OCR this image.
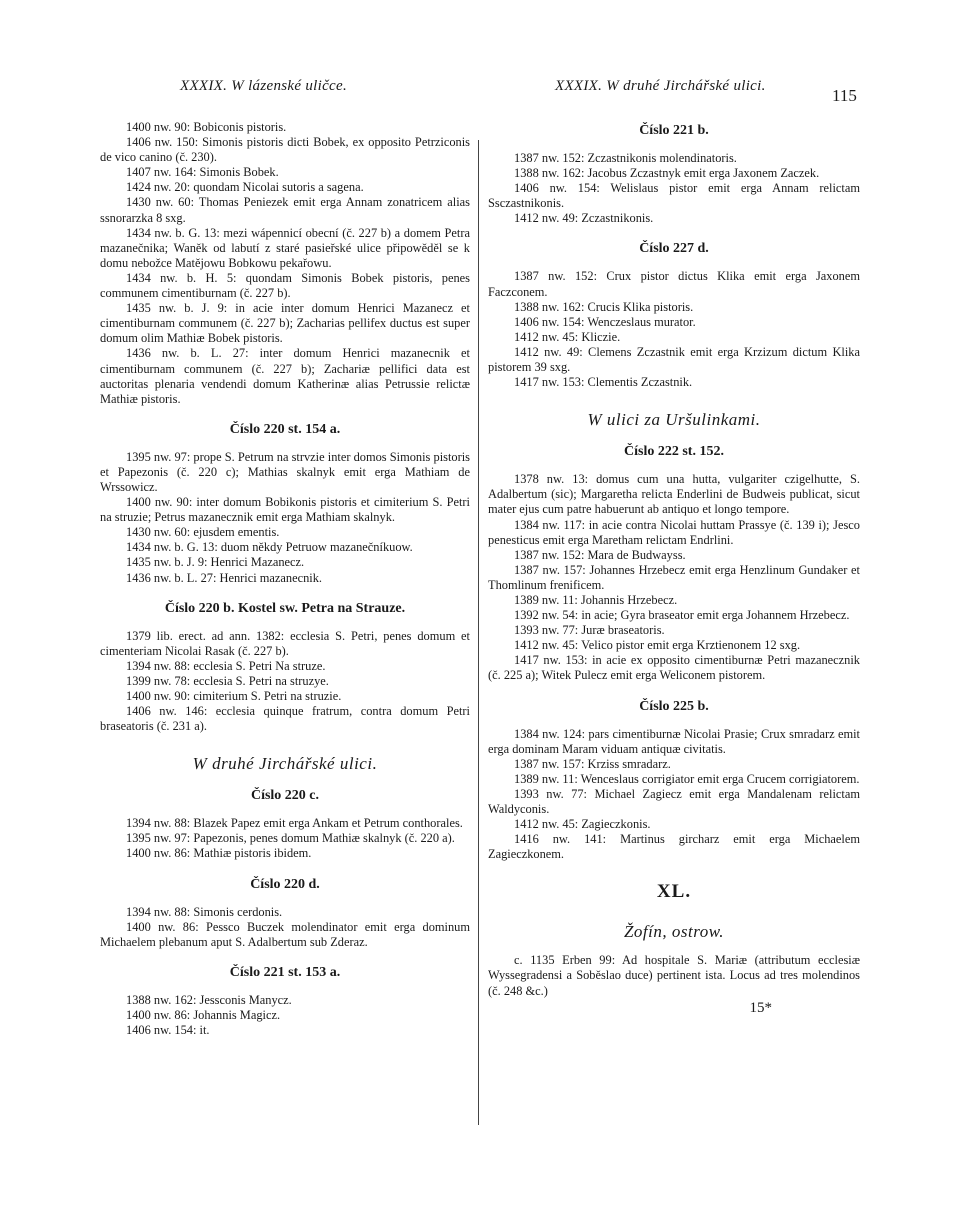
XXXIX. W lázenské uličce.	XXXIX. W druhé Jirchářské ulici.	115

1400 nw. 90: Bobiconis pistoris.

1406 nw. 150: Simonis pistoris dicti Bobek, ex opposito Petrziconis de vico canino (č. 230).

1407 nw. 164: Simonis Bobek.

1424 nw. 20: quondam Nicolai sutoris a sagena.

1430 nw. 60: Thomas Peniezek emit erga Annam zonatricem alias ssnorarzka 8 sxg.

1434 nw. b. G. 13: mezi wápennicí obecní (č. 227 b) a domem Petra mazanečnika; Waněk od labutí z staré pasieřské ulice připowěděl se k domu nebožce Matějowu Bobkowu pekařowu.

1434 nw. b. H. 5: quondam Simonis Bobek pistoris, penes communem cimentiburnam (č. 227 b).

1435 nw. b. J. 9: in acie inter domum Henrici Mazanecz et cimentiburnam communem (č. 227 b); Zacharias pellifex ductus est super domum olim Mathiæ Bobek pistoris.

1436 nw. b. L. 27: inter domum Henrici mazanecnik et cimentiburnam communem (č. 227 b); Zachariæ pellifici data est auctoritas plenaria vendendi domum Katherinæ alias Petrussie relictæ Mathiæ pistoris.

Číslo 220 st. 154 a.

1395 nw. 97: prope S. Petrum na strvzie inter domos Simonis pistoris et Papezonis (č. 220 c); Mathias skalnyk emit erga Mathiam de Wrssowicz.

1400 nw. 90: inter domum Bobikonis pistoris et cimiterium S. Petri na struzie; Petrus mazanecznik emit erga Mathiam skalnyk.

1430 nw. 60: ejusdem ementis.

1434 nw. b. G. 13: duom někdy Petruow mazanečníkuow.

1435 nw. b. J. 9: Henrici Mazanecz.

1436 nw. b. L. 27: Henrici mazanecnik.

Číslo 220 b. Kostel sw. Petra na Strauze.

1379 lib. erect. ad ann. 1382: ecclesia S. Petri, penes domum et cimenteriam Nicolai Rasak (č. 227 b).

1394 nw. 88: ecclesia S. Petri Na struze.

1399 nw. 78: ecclesia S. Petri na struzye.

1400 nw. 90: cimiterium S. Petri na struzie.

1406 nw. 146: ecclesia quinque fratrum, contra domum Petri braseatoris (č. 231 a).

W druhé Jirchářské ulici.
Číslo 220 c.

1394 nw. 88: Blazek Papez emit erga Ankam et Petrum conthorales.

1395 nw. 97: Papezonis, penes domum Mathiæ skalnyk (č. 220 a).

1400 nw. 86: Mathiæ pistoris ibidem.

Číslo 220 d.

1394 nw. 88: Simonis cerdonis.

1400 nw. 86: Pessco Buczek molendinator emit erga dominum Michaelem plebanum aput S. Adalbertum sub Zderaz.

Číslo 221 st. 153 a.

1388 nw. 162: Jessconis Manycz.

1400 nw. 86: Johannis Magicz.

1406 nw. 154: it.

Číslo 221 b.

1387 nw. 152: Zczastnikonis molendinatoris.

1388 nw. 162: Jacobus Zczastnyk emit erga Jaxonem Zaczek.

1406 nw. 154: Welislaus pistor emit erga Annam relictam Ssczastnikonis.

1412 nw. 49: Zczastnikonis.

Číslo 227 d.

1387 nw. 152: Crux pistor dictus Klika emit erga Jaxonem Faczconem.

1388 nw. 162: Crucis Klika pistoris.

1406 nw. 154: Wenczeslaus murator.

1412 nw. 45: Kliczie.

1412 nw. 49: Clemens Zczastnik emit erga Krzizum dictum Klika pistorem 39 sxg.

1417 nw. 153: Clementis Zczastnik.

W ulici za Uršulinkami.
Číslo 222 st. 152.

1378 nw. 13: domus cum una hutta, vulgariter czigelhutte, S. Adalbertum (sic); Margaretha relicta Enderlini de Budweis publicat, sicut mater ejus cum patre habuerunt ab antiquo et longo tempore.

1384 nw. 117: in acie contra Nicolai huttam Prassye (č. 139 i); Jesco penesticus emit erga Maretham relictam Endrlini.

1387 nw. 152: Mara de Budwayss.

1387 nw. 157: Johannes Hrzebecz emit erga Henzlinum Gundaker et Thomlinum frenificem.

1389 nw. 11: Johannis Hrzebecz.

1392 nw. 54: in acie; Gyra braseator emit erga Johannem Hrzebecz.

1393 nw. 77: Juræ braseatoris.

1412 nw. 45: Velico pistor emit erga Krztienonem 12 sxg.

1417 nw. 153: in acie ex opposito cimentiburnæ Petri mazanecznik (č. 225 a); Witek Pulecz emit erga Weliconem pistorem.

Číslo 225 b.

1384 nw. 124: pars cimentiburnæ Nicolai Prasie; Crux smradarz emit erga dominam Maram viduam antiquæ civitatis.

1387 nw. 157: Krziss smradarz.

1389 nw. 11: Wenceslaus corrigiator emit erga Crucem corrigiatorem.

1393 nw. 77: Michael Zagiecz emit erga Mandalenam relictam Waldyconis.

1412 nw. 45: Zagieczkonis.

1416 nw. 141: Martinus gircharz emit erga Michaelem Zagieczkonem.

XL.
Žofín, ostrow.

c. 1135 Erben 99: Ad hospitale S. Mariæ (attributum ecclesiæ Wyssegradensi a Soběslao duce) pertinent ista. Locus ad tres molendinos (č. 248 &c.)

15*
